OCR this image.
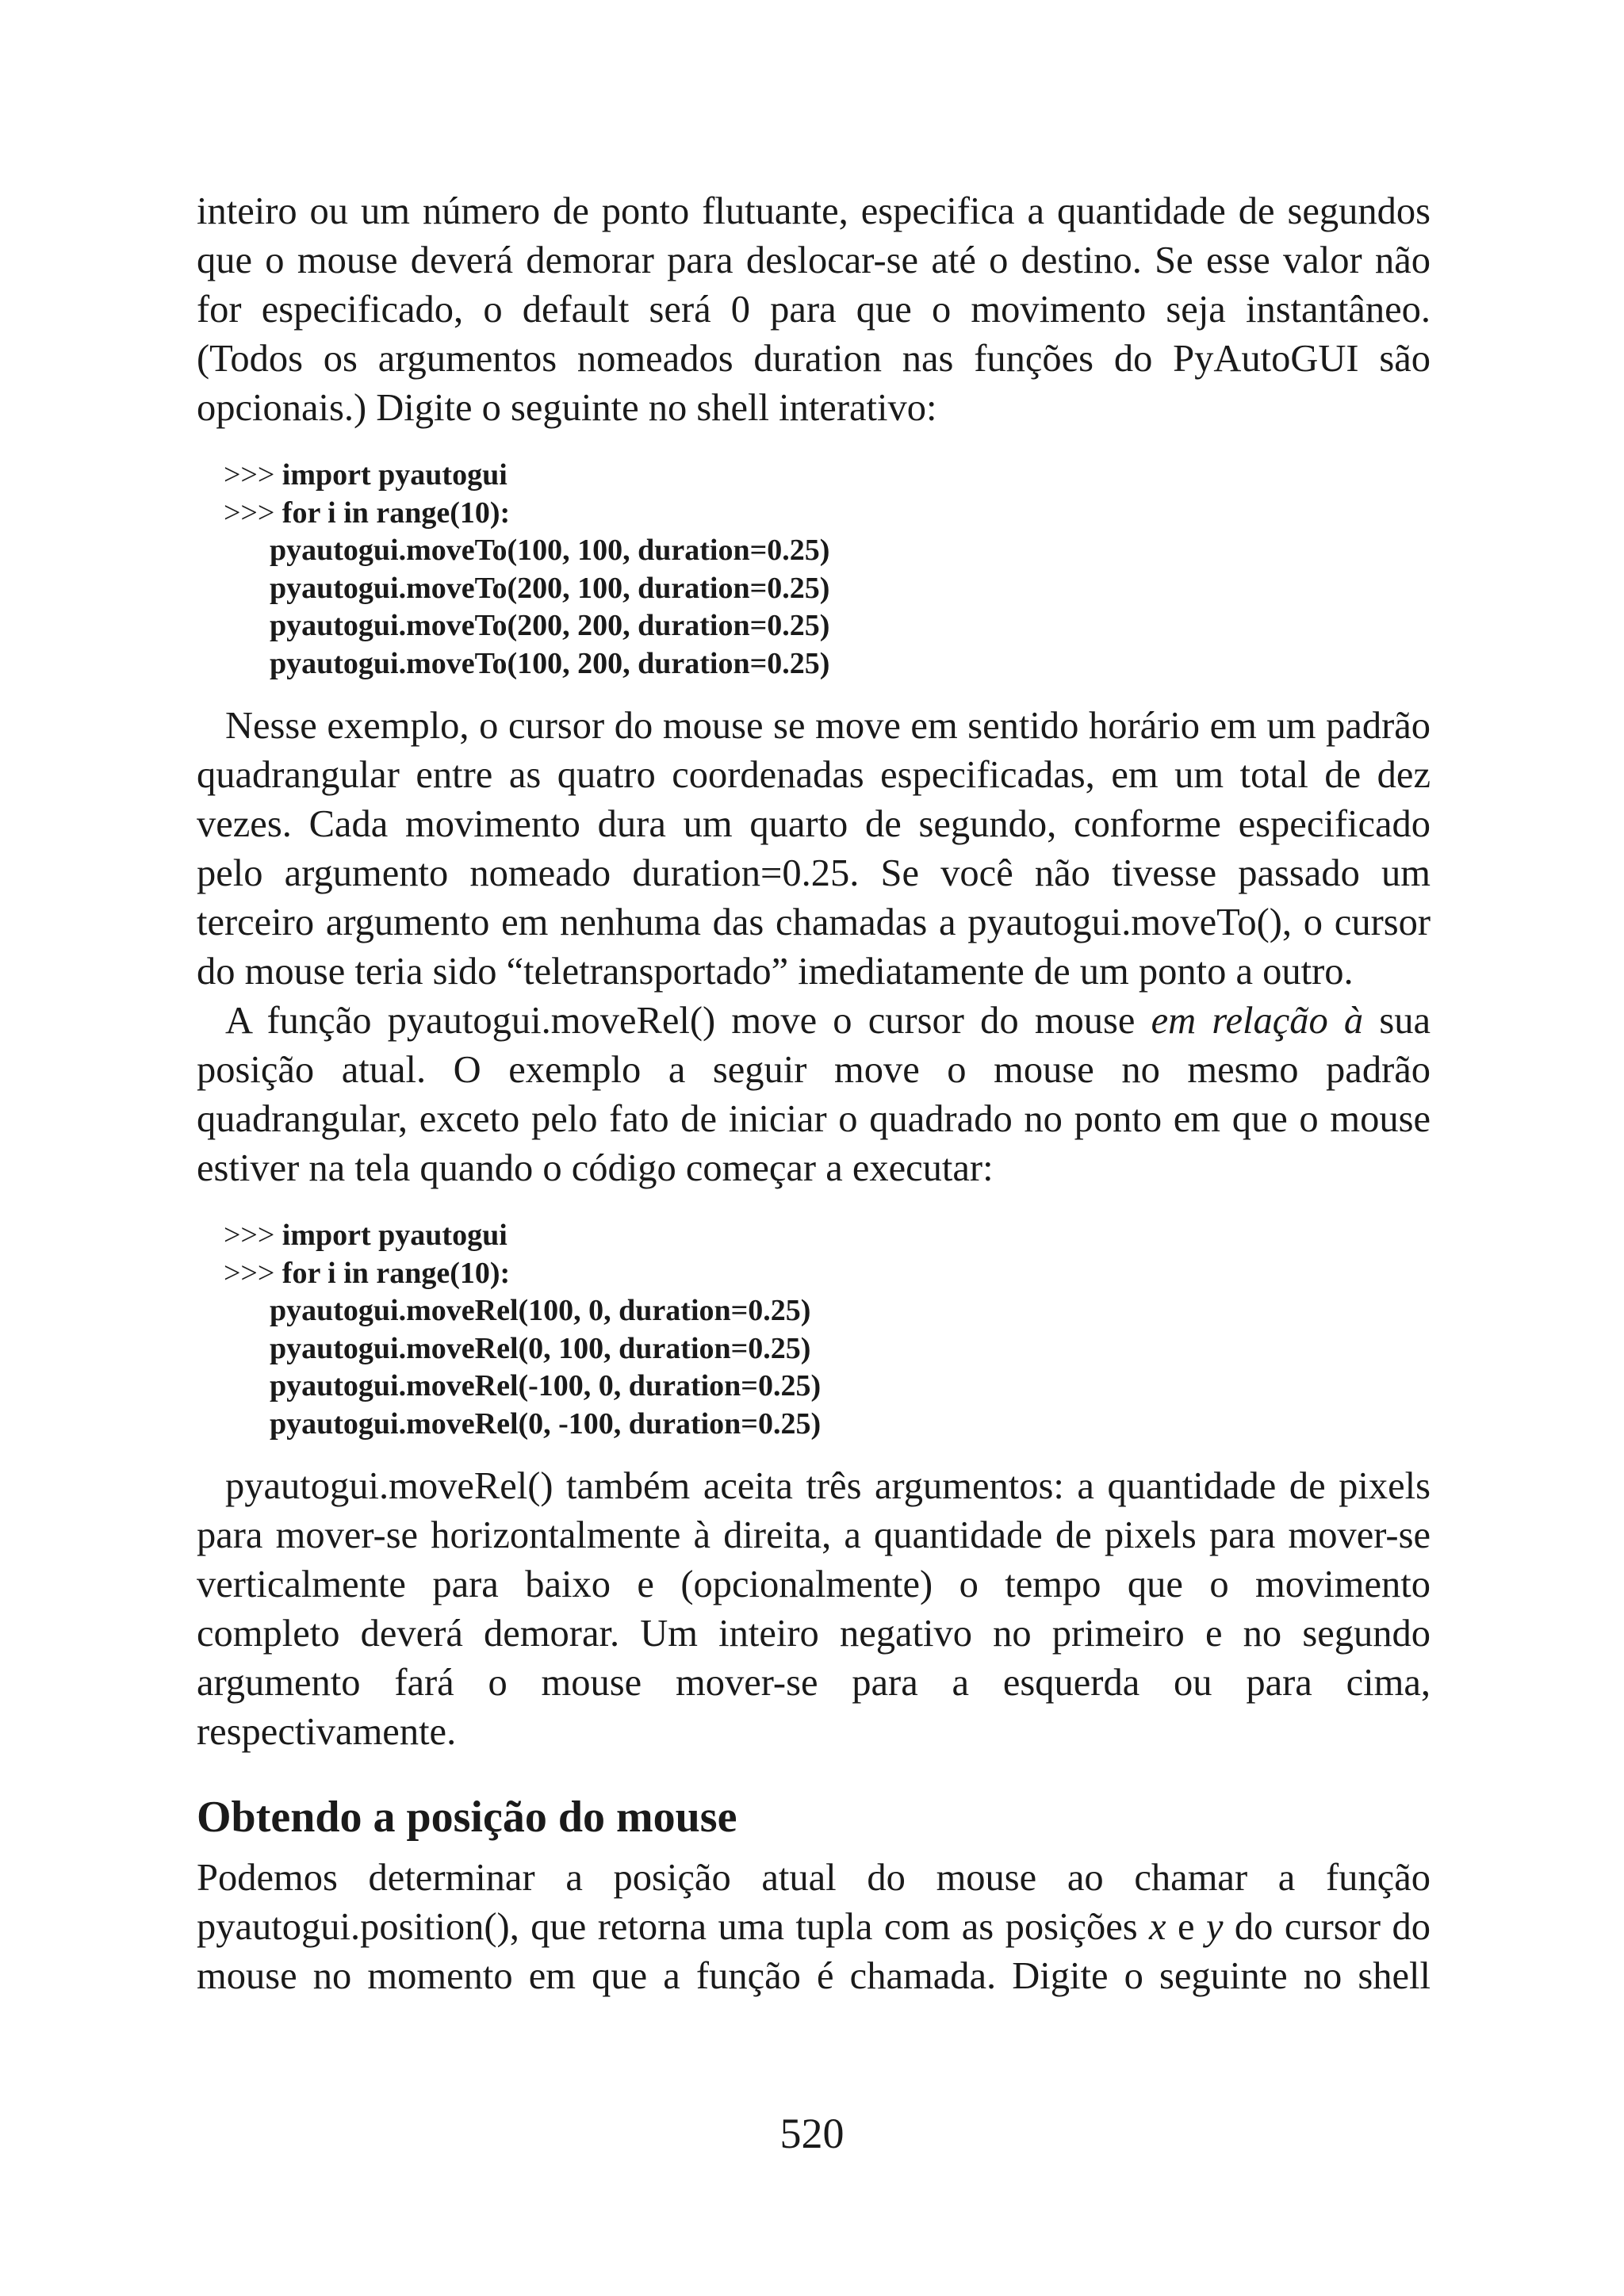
inteiro ou um número de ponto flutuante, especifica a quantidade de segundos que o mouse deverá demorar para deslocar-se até o destino. Se esse valor não for especificado, o default será 0 para que o movimento seja instantâneo. (Todos os argumentos nomeados duration nas funções do PyAutoGUI são opcionais.) Digite o seguinte no shell interativo:

>>> import pyautogui
>>> for i in range(10):
pyautogui.moveTo(100, 100, duration=0.25)
pyautogui.moveTo(200, 100, duration=0.25)
pyautogui.moveTo(200, 200, duration=0.25)
pyautogui.moveTo(100, 200, duration=0.25)

Nesse exemplo, o cursor do mouse se move em sentido horário em um padrão quadrangular entre as quatro coordenadas especificadas, em um total de dez vezes. Cada movimento dura um quarto de segundo, conforme especificado pelo argumento nomeado duration=0.25. Se você não tivesse passado um terceiro argumento em nenhuma das chamadas a pyautogui.moveTo(), o cursor do mouse teria sido “teletransportado” imediatamente de um ponto a outro.

A função pyautogui.moveRel() move o cursor do mouse em relação à sua posição atual. O exemplo a seguir move o mouse no mesmo padrão quadrangular, exceto pelo fato de iniciar o quadrado no ponto em que o mouse estiver na tela quando o código começar a executar:

>>> import pyautogui
>>> for i in range(10):
pyautogui.moveRel(100, 0, duration=0.25)
pyautogui.moveRel(0, 100, duration=0.25)
pyautogui.moveRel(-100, 0, duration=0.25)
pyautogui.moveRel(0, -100, duration=0.25)

pyautogui.moveRel() também aceita três argumentos: a quantidade de pixels para mover-se horizontalmente à direita, a quantidade de pixels para mover-se verticalmente para baixo e (opcionalmente) o tempo que o movimento completo deverá demorar. Um inteiro negativo no primeiro e no segundo argumento fará o mouse mover-se para a esquerda ou para cima, respectivamente.

Obtendo a posição do mouse

Podemos determinar a posição atual do mouse ao chamar a função pyautogui.position(), que retorna uma tupla com as posições x e y do cursor do mouse no momento em que a função é chamada. Digite o seguinte no shell

520
